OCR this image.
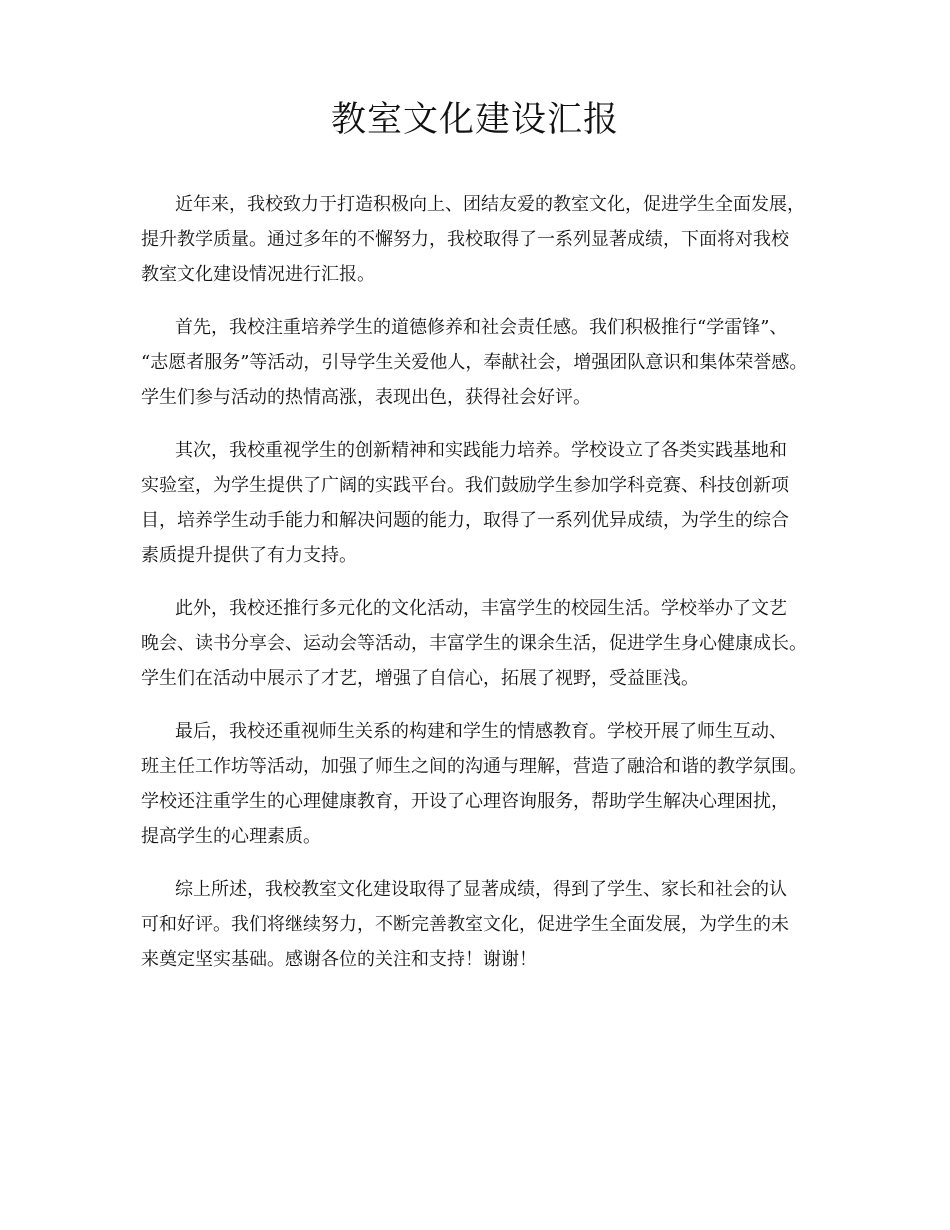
教室文化建设汇报
近年来，我校致力于打造积极向上、团结友爱的教室文化，促进学生全面发展，
提升教学质量。通过多年的不懈努力，我校取得了一系列显著成绩，下面将对我校
教室文化建设情况进行汇报。
首先，我校注重培养学生的道德修养和社会责任感。我们积极推行“学雷锋”、
“志愿者服务”等活动，引导学生关爱他人，奉献社会，增强团队意识和集体荣誉感。
学生们参与活动的热情高涨，表现出色，获得社会好评。
其次，我校重视学生的创新精神和实践能力培养。学校设立了各类实践基地和
实验室，为学生提供了广阔的实践平台。我们鼓励学生参加学科竞赛、科技创新项
目，培养学生动手能力和解决问题的能力，取得了一系列优异成绩，为学生的综合
素质提升提供了有力支持。
此外，我校还推行多元化的文化活动，丰富学生的校园生活。学校举办了文艺
晚会、读书分享会、运动会等活动，丰富学生的课余生活，促进学生身心健康成长。
学生们在活动中展示了才艺，增强了自信心，拓展了视野，受益匪浅。
最后，我校还重视师生关系的构建和学生的情感教育。学校开展了师生互动、
班主任工作坊等活动，加强了师生之间的沟通与理解，营造了融洽和谐的教学氛围。
学校还注重学生的心理健康教育，开设了心理咨询服务，帮助学生解决心理困扰，
提高学生的心理素质。
综上所述，我校教室文化建设取得了显著成绩，得到了学生、家长和社会的认
可和好评。我们将继续努力，不断完善教室文化，促进学生全面发展，为学生的未
来奠定坚实基础。感谢各位的关注和支持！谢谢！
